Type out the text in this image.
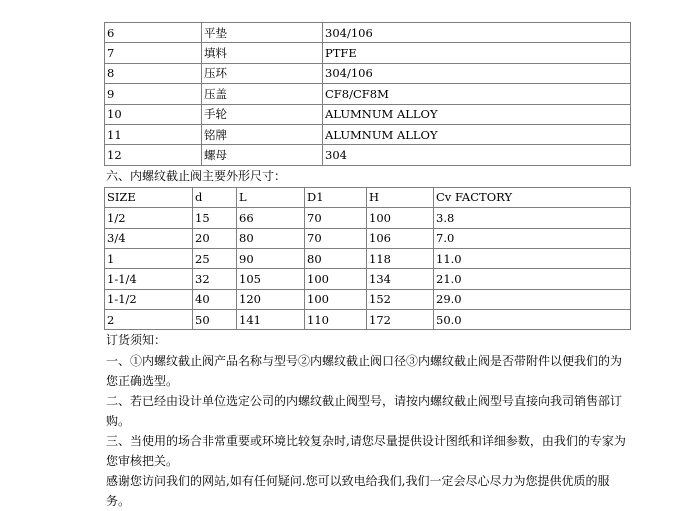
6	平垫	304/106
7	填料	PTFE
8	压环	304/106
9	压盖	CF8/CF8M
10	手轮	ALUMNUM ALLOY
11	铭牌	ALUMNUM ALLOY
12	螺母	304
六、内螺纹截止阀主要外形尺寸：
SIZE	d	L	D1	H	Cv FACTORY
1/2	15	66	70	100	3.8
3/4	20	80	70	106	7.0
1	25	90	80	118	11.0
1-1/4	32	105	100	134	21.0
1-1/2	40	120	100	152	29.0
2	50	141	110	172	50.0
订货须知：
一、①内螺纹截止阀产品名称与型号②内螺纹截止阀口径③内螺纹截止阀是否带附件以便我们的为您正确选型。
二、若已经由设计单位选定公司的内螺纹截止阀型号，请按内螺纹截止阀型号直接向我司销售部订购。
三、当使用的场合非常重要或环境比较复杂时,请您尽量提供设计图纸和详细参数，由我们的专家为您审核把关。
感谢您访问我们的网站,如有任何疑问.您可以致电给我们,我们一定会尽心尽力为您提供优质的服务。
